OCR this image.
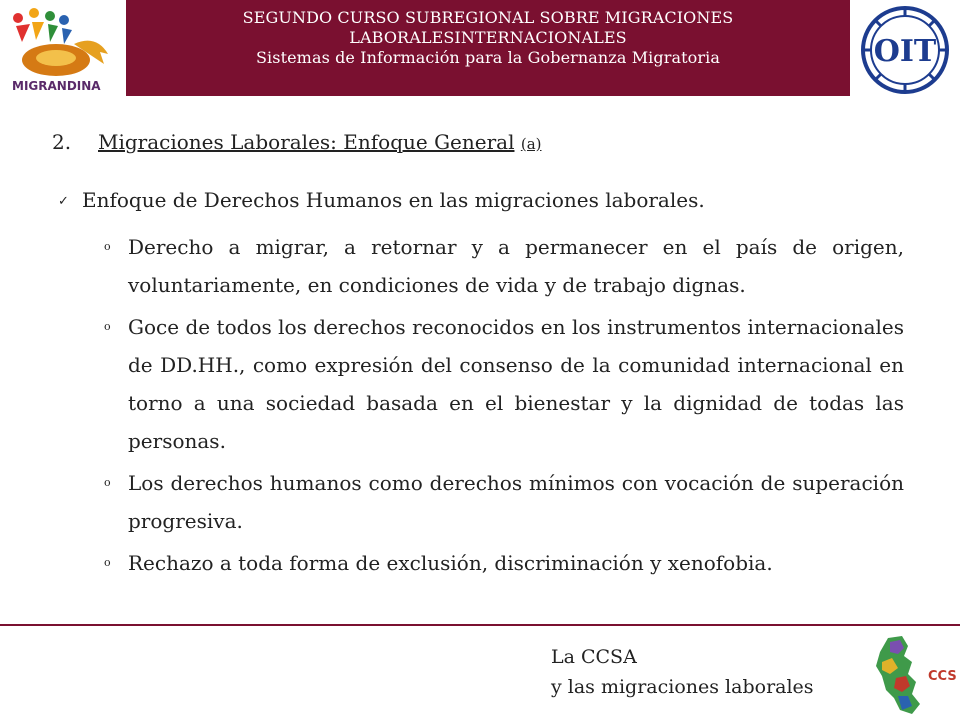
MIGRANDINA
SEGUNDO CURSO SUBREGIONAL SOBRE MIGRACIONES
LABORALESINTERNACIONALES
Sistemas de Información para la Gobernanza Migratoria	OIT
2. Migraciones Laborales: Enfoque General (a)
✓ Enfoque de Derechos Humanos en las migraciones laborales.
o Derecho a migrar, a retornar y a permanecer en el país de origen, voluntariamente, en condiciones de vida y de trabajo dignas.
o Goce de todos los derechos reconocidos en los instrumentos internacionales de DD.HH., como expresión del consenso de la comunidad internacional en torno a una sociedad basada en el bienestar y la dignidad de todas las personas.
o Los derechos humanos como derechos mínimos con vocación de superación progresiva.
o Rechazo a toda forma de exclusión, discriminación y xenofobia.
La CCSA
y las migraciones laborales	CCS
